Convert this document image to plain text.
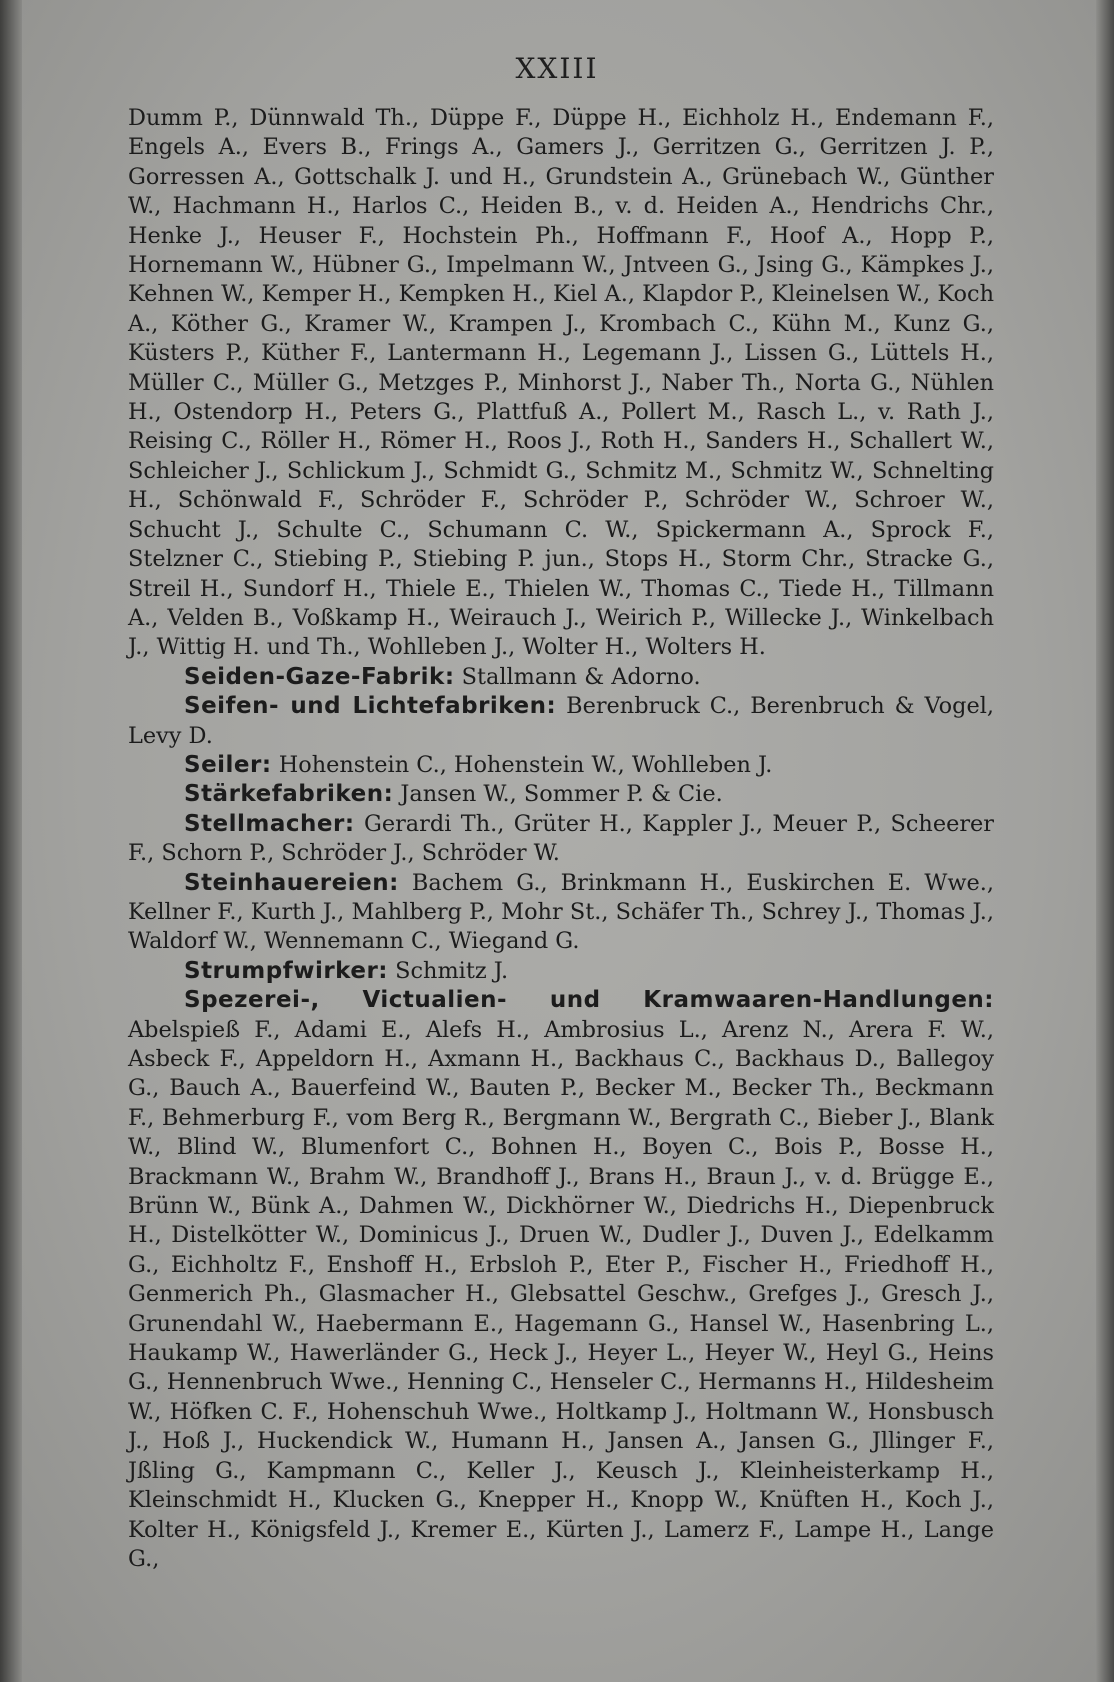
XXIII

Dumm P., Dünnwald Th., Düppe F., Düppe H., Eichholz H., Endemann F., Engels A., Evers B., Frings A., Gamers J., Gerritzen G., Gerritzen J. P., Gorressen A., Gottschalk J. und H., Grundstein A., Grünebach W., Günther W., Hachmann H., Harlos C., Heiden B., v. d. Heiden A., Hendrichs Chr., Henke J., Heuser F., Hochstein Ph., Hoffmann F., Hoof A., Hopp P., Hornemann W., Hübner G., Impelmann W., Jntveen G., Jsing G., Kämpkes J., Kehnen W., Kemper H., Kempken H., Kiel A., Klapdor P., Kleinelsen W., Koch A., Köther G., Kramer W., Krampen J., Krombach C., Kühn M., Kunz G., Küsters P., Küther F., Lantermann H., Legemann J., Lissen G., Lüttels H., Müller C., Müller G., Metzges P., Minhorst J., Naber Th., Norta G., Nühlen H., Ostendorp H., Peters G., Plattfuß A., Pollert M., Rasch L., v. Rath J., Reising C., Röller H., Römer H., Roos J., Roth H., Sanders H., Schallert W., Schleicher J., Schlickum J., Schmidt G., Schmitz M., Schmitz W., Schnelting H., Schönwald F., Schröder F., Schröder P., Schröder W., Schroer W., Schucht J., Schulte C., Schumann C. W., Spickermann A., Sprock F., Stelzner C., Stiebing P., Stiebing P. jun., Stops H., Storm Chr., Stracke G., Streil H., Sundorf H., Thiele E., Thielen W., Thomas C., Tiede H., Tillmann A., Velden B., Voßkamp H., Weirauch J., Weirich P., Willecke J., Winkelbach J., Wittig H. und Th., Wohlleben J., Wolter H., Wolters H.

Seiden-Gaze-Fabrik: Stallmann & Adorno.

Seifen- und Lichtefabriken: Berenbruck C., Berenbruch & Vogel, Levy D.

Seiler: Hohenstein C., Hohenstein W., Wohlleben J.

Stärkefabriken: Jansen W., Sommer P. & Cie.

Stellmacher: Gerardi Th., Grüter H., Kappler J., Meuer P., Scheerer F., Schorn P., Schröder J., Schröder W.

Steinhauereien: Bachem G., Brinkmann H., Euskirchen E. Wwe., Kellner F., Kurth J., Mahlberg P., Mohr St., Schäfer Th., Schrey J., Thomas J., Waldorf W., Wennemann C., Wiegand G.

Strumpfwirker: Schmitz J.

Spezerei-, Victualien- und Kramwaaren-Handlungen: Abelspieß F., Adami E., Alefs H., Ambrosius L., Arenz N., Arera F. W., Asbeck F., Appeldorn H., Axmann H., Backhaus C., Backhaus D., Ballegoy G., Bauch A., Bauerfeind W., Bauten P., Becker M., Becker Th., Beckmann F., Behmerburg F., vom Berg R., Bergmann W., Bergrath C., Bieber J., Blank W., Blind W., Blumenfort C., Bohnen H., Boyen C., Bois P., Bosse H., Brackmann W., Brahm W., Brandhoff J., Brans H., Braun J., v. d. Brügge E., Brünn W., Bünk A., Dahmen W., Dickhörner W., Diedrichs H., Diepenbruck H., Distelkötter W., Dominicus J., Druen W., Dudler J., Duven J., Edelkamm G., Eichholtz F., Enshoff H., Erbsloh P., Eter P., Fischer H., Friedhoff H., Genmerich Ph., Glasmacher H., Glebsattel Geschw., Grefges J., Gresch J., Grunendahl W., Haebermann E., Hagemann G., Hansel W., Hasenbring L., Haukamp W., Hawerländer G., Heck J., Heyer L., Heyer W., Heyl G., Heins G., Hennenbruch Wwe., Henning C., Henseler C., Hermanns H., Hildesheim W., Höfken C. F., Hohenschuh Wwe., Holtkamp J., Holtmann W., Honsbusch J., Hoß J., Huckendick W., Humann H., Jansen A., Jansen G., Jllinger F., Jßling G., Kampmann C., Keller J., Keusch J., Kleinheisterkamp H., Kleinschmidt H., Klucken G., Knepper H., Knopp W., Knüften H., Koch J., Kolter H., Königsfeld J., Kremer E., Kürten J., Lamerz F., Lampe H., Lange G.,
